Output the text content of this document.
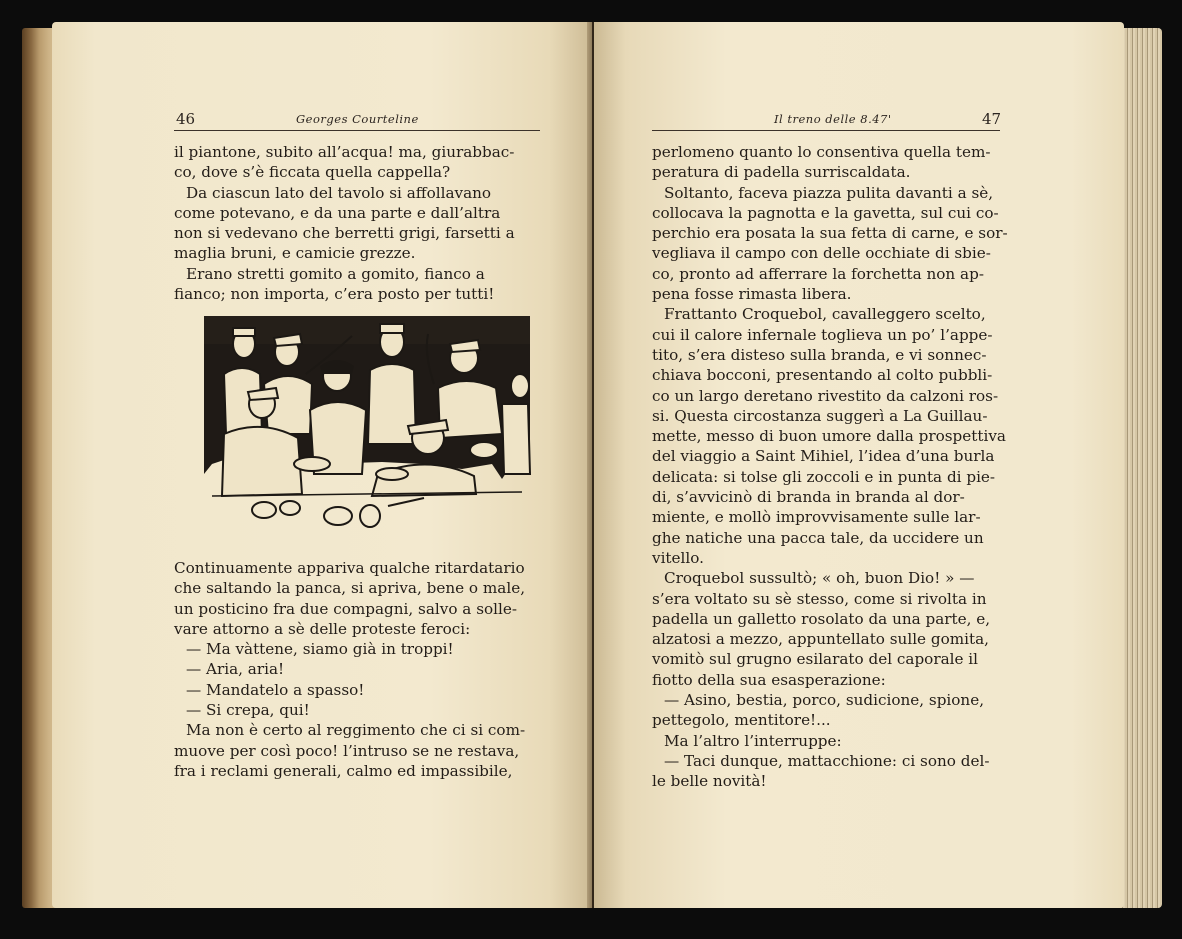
46	Georges Courteline
il piantone, subito all’acqua! ma, giurabbac-
co, dove s’è ficcata quella cappella?
Da ciascun lato del tavolo si affollavano
come potevano, e da una parte e dall’altra
non si vedevano che berretti grigi, farsetti a
maglia bruni, e camicie grezze.
Erano stretti gomito a gomito, fianco a
fianco; non importa, c’era posto per tutti!
Continuamente appariva qualche ritardatario
che saltando la panca, si apriva, bene o male,
un posticino fra due compagni, salvo a solle-
vare attorno a sè delle proteste feroci:
— Ma vàttene, siamo già in troppi!
— Aria, aria!
— Mandatelo a spasso!
— Si crepa, qui!
Ma non è certo al reggimento che ci si com-
muove per così poco! l’intruso se ne restava,
fra i reclami generali, calmo ed impassibile,
Il treno delle 8.47'	47
perlomeno quanto lo consentiva quella tem-
peratura di padella surriscaldata.
Soltanto, faceva piazza pulita davanti a sè,
collocava la pagnotta e la gavetta, sul cui co-
perchio era posata la sua fetta di carne, e sor-
vegliava il campo con delle occhiate di sbie-
co, pronto ad afferrare la forchetta non ap-
pena fosse rimasta libera.
Frattanto Croquebol, cavalleggero scelto,
cui il calore infernale toglieva un po’ l’appe-
tito, s’era disteso sulla branda, e vi sonnec-
chiava bocconi, presentando al colto pubbli-
co un largo deretano rivestito da calzoni ros-
si. Questa circostanza suggerì a La Guillau-
mette, messo di buon umore dalla prospettiva
del viaggio a Saint Mihiel, l’idea d’una burla
delicata: si tolse gli zoccoli e in punta di pie-
di, s’avvicinò di branda in branda al dor-
miente, e mollò improvvisamente sulle lar-
ghe natiche una pacca tale, da uccidere un
vitello.
Croquebol sussultò; « oh, buon Dio! » —
s’era voltato su sè stesso, come si rivolta in
padella un galletto rosolato da una parte, e,
alzatosi a mezzo, appuntellato sulle gomita,
vomitò sul grugno esilarato del caporale il
fiotto della sua esasperazione:
— Asino, bestia, porco, sudicione, spione,
pettegolo, mentitore!...
Ma l’altro l’interruppe:
— Taci dunque, mattacchione: ci sono del-
le belle novità!
